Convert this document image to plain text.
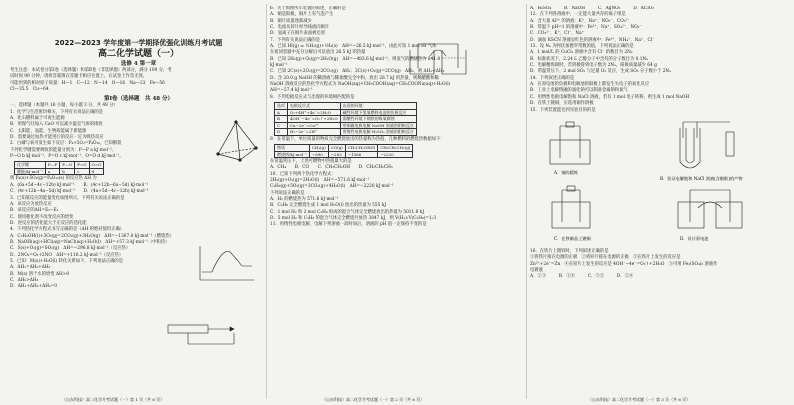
2022—2023 学年度第一学期择优强化训练月考试题
高二化学试题（一）
选修 4 第一章
考生注意：本试卷分第Ⅰ卷（选择题）和第Ⅱ卷（非选择题）两部分，满分 100 分，考
试时间 90 分钟。请将答案填在答题卡相应位置上，在试卷上作答无效。
可能用到的相对原子质量：H—1　C—12　N—14　O—16　Na—23　Fe—56
Cl—35.5　Cu—64
第Ⅰ卷（选择题　共 48 分）
一、选择题（本题共 16 小题，每小题 3 分，共 48 分）
1．化学与生活密切相关，下列有关说法正确的是
A．化石燃料属于可再生能源
B．用煤气灶加入 CaO 可以减少温室气体的排放
C．太阳能、氢能、生物质能属于新能源
D．需要通过加热才能进行的反应一定为吸热反应
2．白磷与氧可发生如下反应：P₄+5O₂=P₄O₁₀，已知断裂
下列化学键需要吸收的能量分别为：P—P a kJ·mol⁻¹、
P—O b kJ·mol⁻¹、P=O c kJ·mol⁻¹、O=O d kJ·mol⁻¹。
化学键	P—P	P—O	P=O	O=O
键能/kJ·mol⁻¹	a	b	c	d
则 P₄(s)+5O₂(g)=P₄O₁₀(s) 的反应热 ΔH 为
A．(6a+5d−4c−12b) kJ·mol⁻¹　　B．(4c+12b−6a−5d) kJ·mol⁻¹
C．(4c+12b−4a−5d) kJ·mol⁻¹　　D．(4a+5d−4c−12b) kJ·mol⁻¹
3．已知某反应的能量变化如图所示，下列有关说法正确的是
A．该反应为放热反应
B．该反应的ΔH=E₂−E₁
C．使用催化剂不改变反应的焓变
D．逆反应的活化能大于正反应的活化能
4．下列热化学方程式书写正确的是（ΔH 的绝对值均正确）
A．C₂H₅OH(l)+3O₂(g)=2CO₂(g)+3H₂O(g)　ΔH=−1367.0 kJ·mol⁻¹（燃烧热）
B．NaOH(aq)+HCl(aq)=NaCl(aq)+H₂O(l)　ΔH=+57.3 kJ·mol⁻¹（中和热）
C．S(s)+O₂(g)=SO₂(g)　ΔH=−296.8 kJ·mol⁻¹（反应热）
D．2NO₂=O₂+2NO　ΔH=+116.2 kJ·mol⁻¹（反应热）
5．已知：M(s)+H₂O(l) 转化关系如下，下列说法正确的是
A．ΔH₁=ΔH₂+ΔH₃
B．M(s) 溶于水的焓变 ΔH>0
C．ΔH₂>ΔH₃
D．ΔH₁+ΔH₂+ΔH₃=0
（山东科技）高二化学月考试题（一）第 1 页（共 6 页）
6．关于如图所示装置的叙述，正确的是
A．铜是阳极，铜片上有气泡产生
B．铜片质量逐渐减少
C．电流从锌片经导线流向铜片
D．氢离子在铜片表面被还原
7．下列有关说法正确的是
A．已知 HI(g) ⇌ ½H₂(g)+½I₂(s)　ΔH=−26.5 kJ·mol⁻¹，由此可知 1 mol HI 气体
在密闭容器中充分分解后可以放出 26.5 kJ 的热量
B．已知 2H₂(g)+O₂(g)=2H₂O(g)　ΔH=−483.6 kJ·mol⁻¹，则氢气的燃烧热为 241.8
kJ·mol⁻¹
C．已知 2C(s)+2O₂(g)=2CO₂(g)　ΔH₁；2C(s)+O₂(g)=2CO(g)　ΔH₂，则 ΔH₁<ΔH₂
D．含 20.0 g NaOH 的稀溶液与稀盐酸完全中和，放出 28.7 kJ 的热量，则稀醋酸和稀
NaOH 溶液反应的热化学方程式为 NaOH(aq)+CH₃COOH(aq)=CH₃COONa(aq)+H₂O(l)
ΔH=−57.4 kJ·mol⁻¹
8．下列电极反应式与出现的环境相匹配的是
选项	电极反应式	出现的环境
A	O₂+4H⁺+4e⁻=2H₂O	碱性环境下氢氧燃料电池的负极反应
B	4OH⁻−4e⁻=O₂↑+2H₂O	弱酸性环境下钢铁的吸氧腐蚀
C	Cu−2e⁻=Cu²⁺	用铜做电极电解 NaOH 溶液的阴极反应
D	H₂−2e⁻=2H⁺	用惰性电极电解 H₂SO₄ 溶液的阳极反应
9．在常温下，单位质量的物质完全燃烧放出的热量称为热值，几种燃料的燃烧热数据如下：
物质	CH₄(g)	CO(g)	CH₃CH₂OH(l)	CH₃CH₂CH₃(g)
燃烧热/kJ·mol⁻¹	−890	−283	−1366	−2220
在常温常压下，上述可燃物中热值最大的是
A．CH₄　　B．CO　　C．CH₃CH₂OH　　D．CH₃CH₂CH₃
10．已知下列两个热化学方程式：
2H₂(g)+O₂(g)=2H₂O(l)　ΔH=−571.6 kJ·mol⁻¹
C₃H₈(g)+5O₂(g)=3CO₂(g)+4H₂O(l)　ΔH=−2220 kJ·mol⁻¹
下列说法正确的是
A．H₂ 的燃烧热为 571.6 kJ·mol⁻¹
B．C₃H₈ 完全燃烧生成 1 mol H₂O(l) 放出的热量为 555 kJ
C．1 mol H₂ 和 2 mol C₃H₈ 组成的混合气体完全燃烧放出的热量为 5011.6 kJ
D．5 mol H₂ 和 C₃H₈ 的混合气体完全燃烧共放热 3847 kJ，则 V(H₂):V(C₃H₈)=1:3
11．用惰性电极电解，电解下列溶液一段时间后，溶液的 pH 值一定保持不变的是
（山东科技）高二化学月考试题（一）第 2 页（共 6 页）
A．H₂SO₄　　　B．NaOH　　　C．AgNO₃　　　D．KClO₃
12．在下列各溶液中，一定能大量共存的离子组是
A．含大量 Al³⁺ 的溶液：K⁺、Na⁺、NO₃⁻、CO₃²⁻
B．常温下 pH=1 的溶液中：Fe²⁺、Na⁺、SO₄²⁻、NO₃⁻
C．CO₃²⁻、K⁺、Cl⁻、Na⁺
D．滴加 KSCN 溶液显红色的溶液中：Fe³⁺、NH₄⁺、Na⁺、Cl⁻
13．设 Nₐ 为阿伏加德罗常数的值，下列说法正确的是
A．1 mol/L 的 CuCl₂ 溶液中含有 Cl⁻ 的数目为 2Nₐ
B．标准状况下，2.24 L 乙醇分子中含有的分子数目为 0.1Nₐ
C．电解精炼铜时，若阴极得到电子数为 2Nₐ，阳极质量减少 64 g
D．常温常压下，2 mol SO₂ 与足量 O₂ 反应，生成 SO₃ 分子数小于 2Nₐ
14．下列叙述正确的是
A．在原电池的负极和电解池的阳极上都发生失电子的氧化反应
B．工业上电解熔融的氯化钠可以制备金属钠和氯气
C．用惰性电极电解饱和 NaCl 溶液，若有 1 mol 电子转移，则生成 1 mol NaOH
D．在铁上镀铜，应选用铜作阴极
15．下列装置能达到实验目的的是
16．在铁片上镀锌时，下列叙述正确的是
①将铁片接在电源的正极　②将锌片接在电源的正极　③在铁片上发生的反应是
Zn²⁺+2e⁻=Zn　④在锌片上发生的反应是 4OH⁻−4e⁻=O₂↑+2H₂O　⑤可用 Fe₂(SO₄)₃ 溶液作
电镀液
A．②③　　　B．①④　　　C．③⑤　　　D．②④
A．铜的精炼
B．验证电解饱和 NaCl 溶液(含酚酞)的产物
C．在铁制品上镀铜	D．设计原电池
（山东科技）高二化学月考试题（一）第 3 页（共 6 页）
